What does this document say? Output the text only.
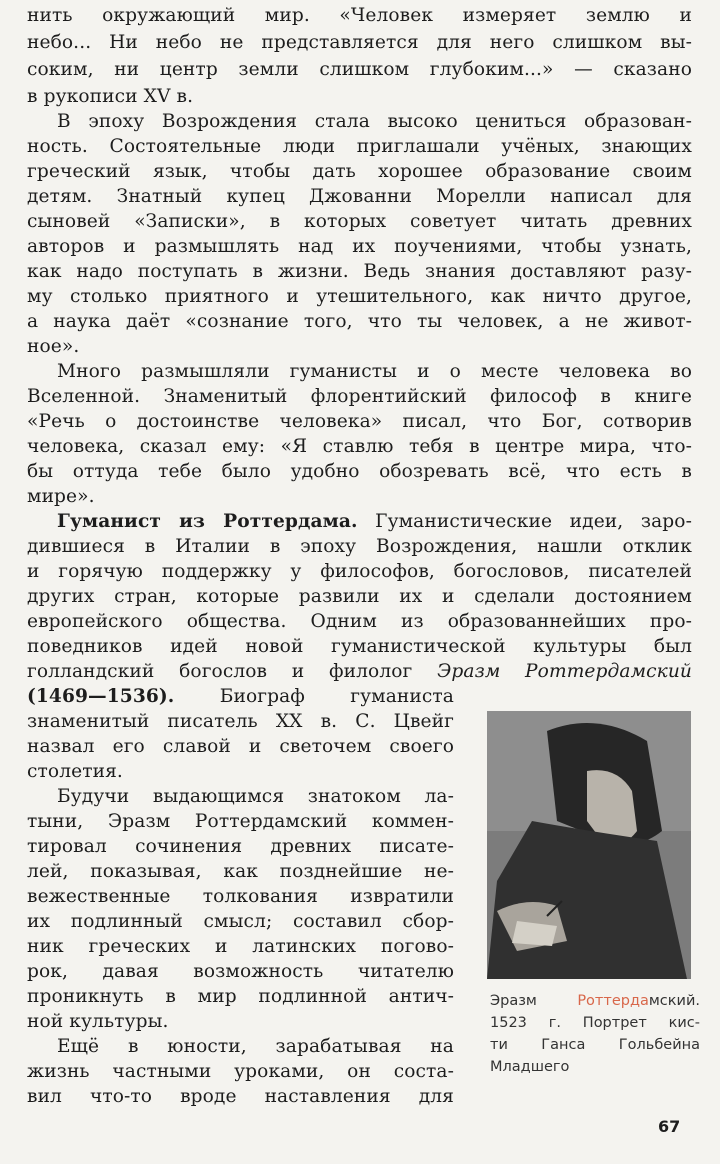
нить окружающий мир. «Человек измеряет землю и
небо... Ни небо не представляется для него слишком вы-
соким, ни центр земли слишком глубоким...» — сказано
в рукописи XV в.
В эпоху Возрождения стала высоко цениться образован-
ность. Состоятельные люди приглашали учёных, знающих
греческий язык, чтобы дать хорошее образование своим
детям. Знатный купец Джованни Морелли написал для
сыновей «Записки», в которых советует читать древних
авторов и размышлять над их поучениями, чтобы узнать,
как надо поступать в жизни. Ведь знания доставляют разу-
му столько приятного и утешительного, как ничто другое,
а наука даёт «сознание того, что ты человек, а не живот-
ное».
Много размышляли гуманисты и о месте человека во
Вселенной. Знаменитый флорентийский философ в книге
«Речь о достоинстве человека» писал, что Бог, сотворив
человека, сказал ему: «Я ставлю тебя в центре мира, что-
бы оттуда тебе было удобно обозревать всё, что есть в
мире».
Гуманист из Роттердама. Гуманистические идеи, заро-
дившиеся в Италии в эпоху Возрождения, нашли отклик
и горячую поддержку у философов, богословов, писателей
других стран, которые развили их и сделали достоянием
европейского общества. Одним из образованнейших про-
поведников идей новой гуманистической культуры был
голландский богослов и филолог Эразм Роттердамский
(1469—1536). Биограф гуманиста
знаменитый писатель XX в. С. Цвейг
назвал его славой и светочем своего
столетия.
Будучи выдающимся знатоком ла-
тыни, Эразм Роттердамский коммен-
тировал сочинения древних писате-
лей, показывая, как позднейшие не-
вежественные толкования извратили
их подлинный смысл; составил сбор-
ник греческих и латинских погово-
рок, давая возможность читателю
проникнуть в мир подлинной антич-
ной культуры.
Ещё в юности, зарабатывая на
жизнь частными уроками, он соста-
вил что-то вроде наставления для
Эразм Роттердамский.
1523 г. Портрет кис-
ти Ганса Гольбейна
Младшего
67
